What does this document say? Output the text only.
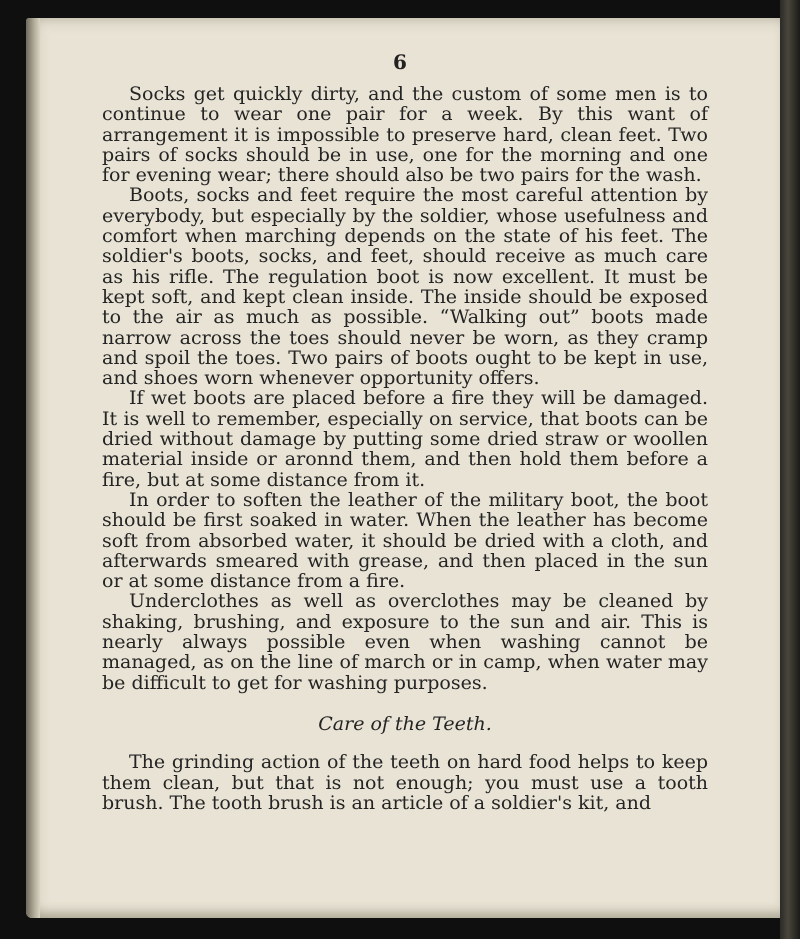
6

Socks get quickly dirty, and the custom of some men is to continue to wear one pair for a week. By this want of arrangement it is impossible to preserve hard, clean feet. Two pairs of socks should be in use, one for the morning and one for evening wear; there should also be two pairs for the wash.

Boots, socks and feet require the most careful attention by everybody, but especially by the soldier, whose usefulness and comfort when marching depends on the state of his feet. The soldier's boots, socks, and feet, should receive as much care as his rifle. The regulation boot is now excellent. It must be kept soft, and kept clean inside. The inside should be exposed to the air as much as possible. “Walking out” boots made narrow across the toes should never be worn, as they cramp and spoil the toes. Two pairs of boots ought to be kept in use, and shoes worn whenever opportunity offers.

If wet boots are placed before a fire they will be damaged. It is well to remember, especially on service, that boots can be dried without damage by putting some dried straw or woollen material inside or aronnd them, and then hold them before a fire, but at some distance from it.

In order to soften the leather of the military boot, the boot should be first soaked in water. When the leather has become soft from absorbed water, it should be dried with a cloth, and afterwards smeared with grease, and then placed in the sun or at some distance from a fire.

Underclothes as well as overclothes may be cleaned by shaking, brushing, and exposure to the sun and air. This is nearly always possible even when washing cannot be managed, as on the line of march or in camp, when water may be difficult to get for washing purposes.

Care of the Teeth.

The grinding action of the teeth on hard food helps to keep them clean, but that is not enough; you must use a tooth brush. The tooth brush is an article of a soldier's kit, and
